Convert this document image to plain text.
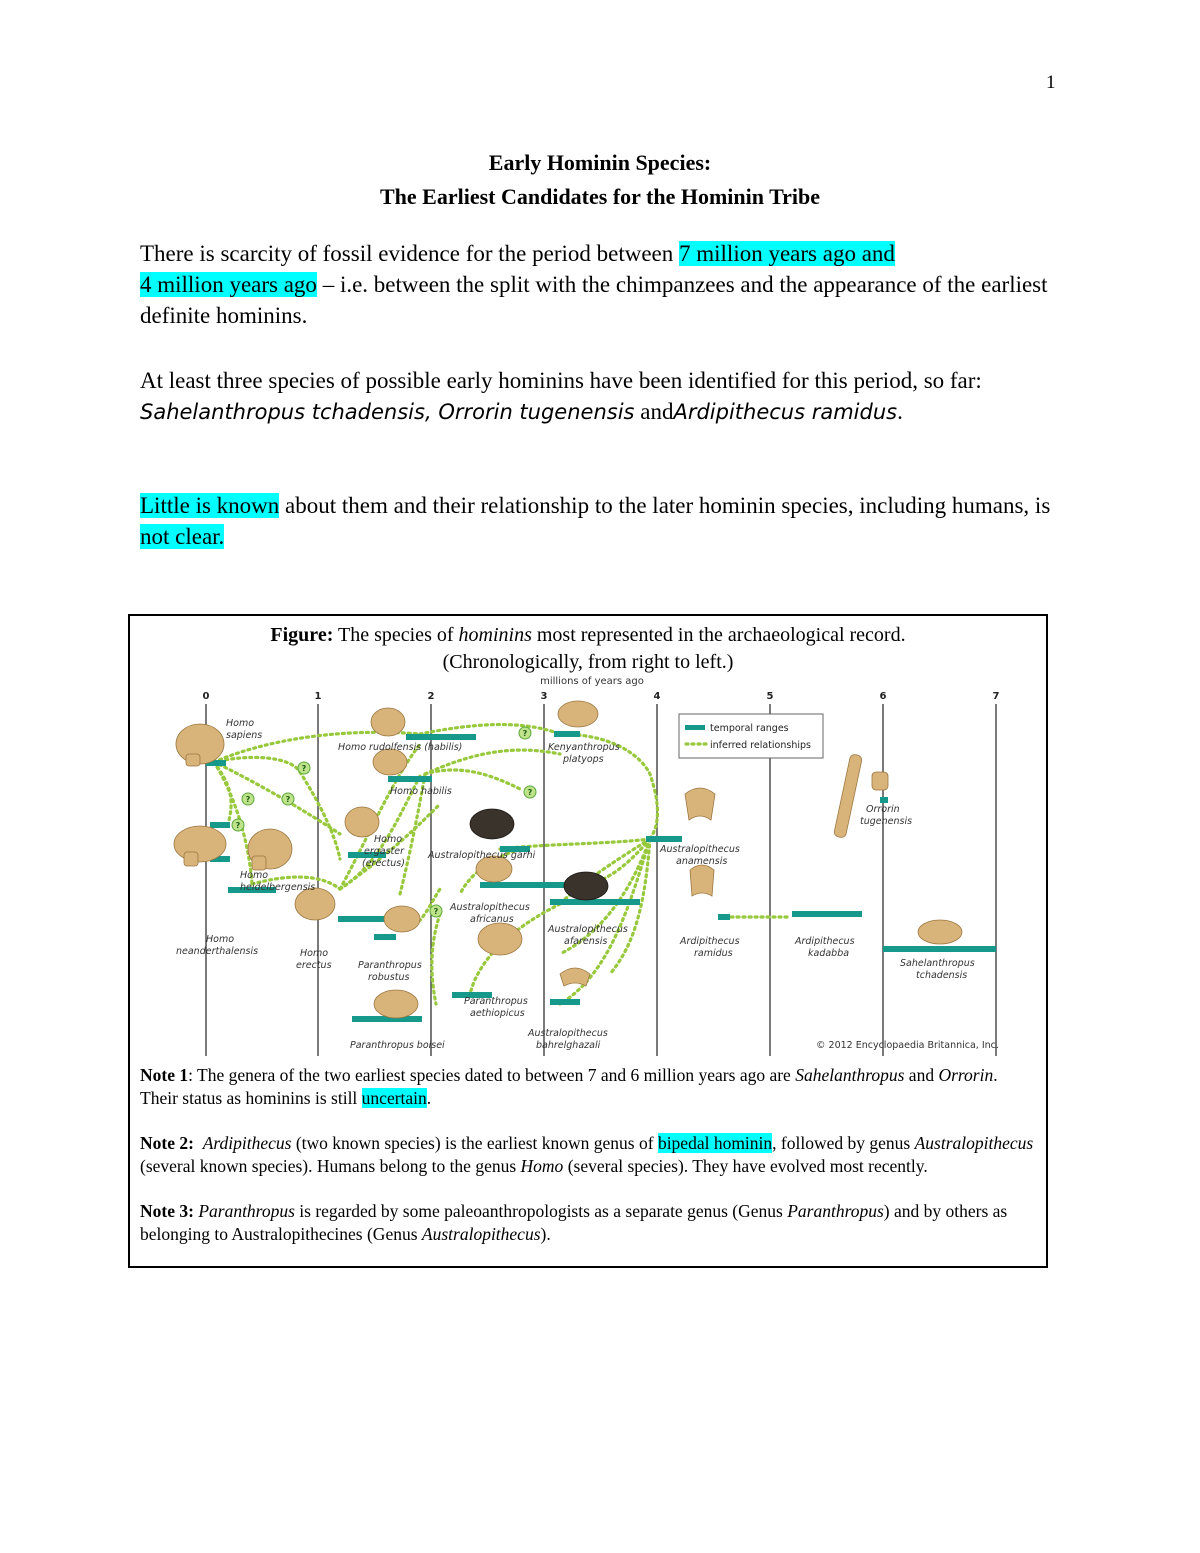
1
Early Hominin Species:
The Earliest Candidates for the Hominin Tribe
There is scarcity of fossil evidence for the period between 7 million years ago and
4 million years ago – i.e. between the split with the chimpanzees and the appearance of the earliest definite hominins.
At least three species of possible early hominins have been identified for this period, so far: Sahelanthropus tchadensis, Orrorin tugenensis andArdipithecus ramidus.
Little is known about them and their relationship to the later hominin species, including humans, is not clear.
Figure: The species of hominins most represented in the archaeological record.
(Chronologically, from right to left.)
millions of years ago
0	1	2	3	4	5	6	7
temporal ranges
inferred relationships
?
?	?
?
?
?
?
Homo
sapiens
Homo rudolfensis (habilis)	Kenyanthropus
platyops
Homo habilis
Homo
ergaster
(erectus)
Australopithecus garhi
Australopithecus
anamensis
Orrorin
tugenensis
Homo
heidelbergensis
Australopithecus
africanus
Australopithecus
afarensis	Ardipithecus
ramidus
Ardipithecus
kadabba
Sahelanthropus
tchadensis
Homo
neanderthalensis	Homo
erectus	Paranthropus
robustus
Paranthropus
aethiopicus
Australopithecus
bahrelghazali
Paranthropus boisei	© 2012 Encyclopaedia Britannica, Inc.

Note 1: The genera of the two earliest species dated to between 7 and 6 million years ago are Sahelanthropus and Orrorin. Their status as hominins is still uncertain.

Note 2: Ardipithecus (two known species) is the earliest known genus of bipedal hominin, followed by genus Australopithecus (several known species). Humans belong to the genus Homo (several species). They have evolved most recently.

Note 3: Paranthropus is regarded by some paleoanthropologists as a separate genus (Genus Paranthropus) and by others as belonging to Australopithecines (Genus Australopithecus).
